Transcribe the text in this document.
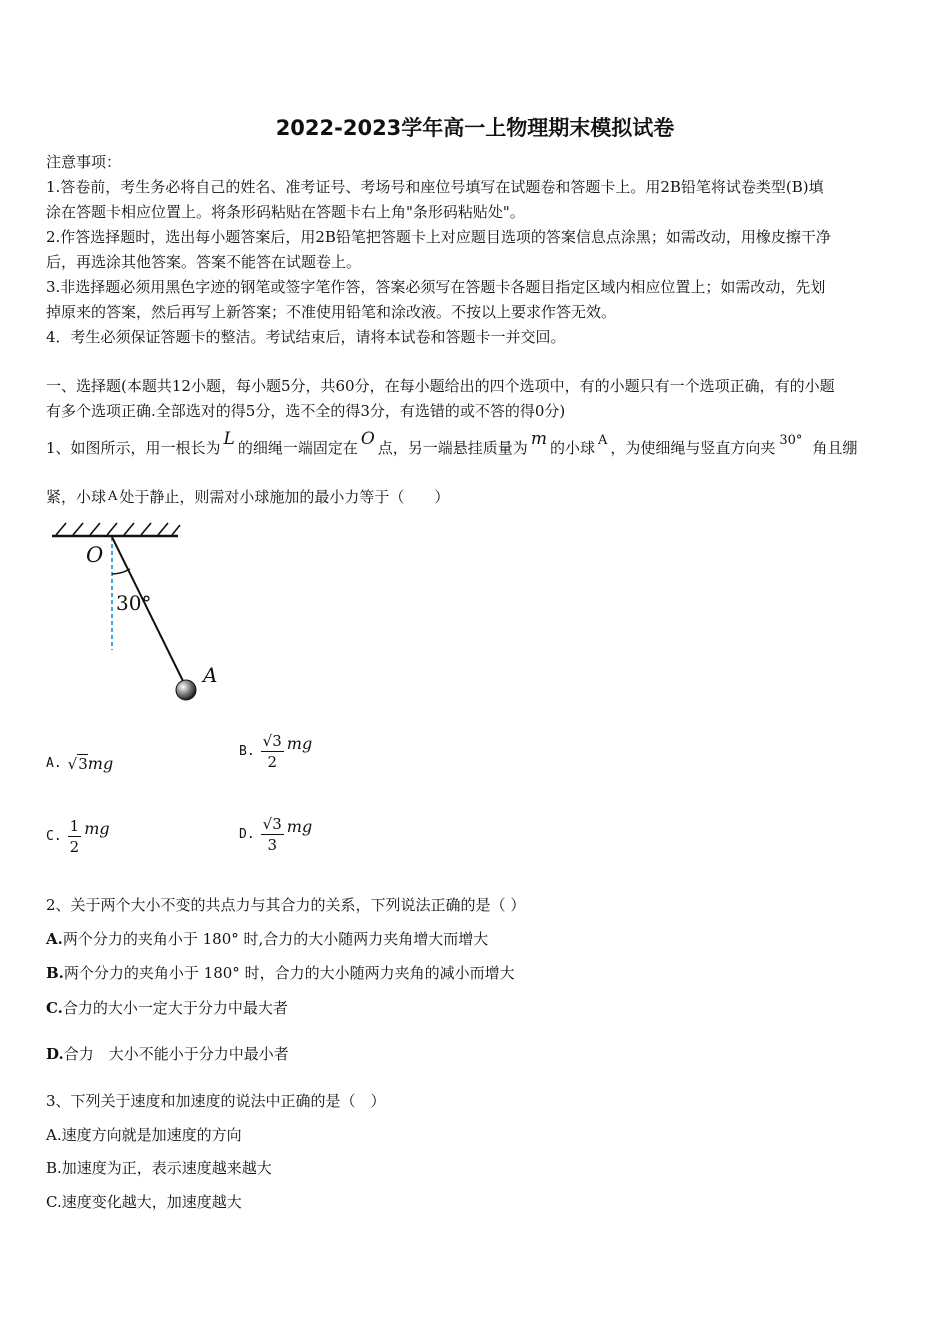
2022-2023学年高一上物理期末模拟试卷
注意事项：
1.答卷前，考生务必将自己的姓名、准考证号、考场号和座位号填写在试题卷和答题卡上。用2B铅笔将试卷类型(B)填
涂在答题卡相应位置上。将条形码粘贴在答题卡右上角"条形码粘贴处"。
2.作答选择题时，选出每小题答案后，用2B铅笔把答题卡上对应题目选项的答案信息点涂黑；如需改动，用橡皮擦干净
后，再选涂其他答案。答案不能答在试题卷上。
3.非选择题必须用黑色字迹的钢笔或签字笔作答，答案必须写在答题卡各题目指定区域内相应位置上；如需改动，先划
掉原来的答案，然后再写上新答案；不准使用铅笔和涂改液。不按以上要求作答无效。
4．考生必须保证答题卡的整洁。考试结束后，请将本试卷和答题卡一并交回。
一、选择题(本题共12小题，每小题5分，共60分，在每小题给出的四个选项中，有的小题只有一个选项正确，有的小题
有多个选项正确.全部选对的得5分，选不全的得3分，有选错的或不答的得0分)
1、如图所示，用一根长为 L 的细绳一端固定在 O 点，另一端悬挂质量为 m 的小球 A ，为使细绳与竖直方向夹 30° 角且绷
紧，小球 A 处于静止，则需对小球施加的最小力等于（　　）
O
30°
A
A. √3 mg
B. $\frac{√3}{2}$ mg
C. $\frac{1}{2}$ mg	D. $\frac{√3}{3}$ mg
2、关于两个大小不变的共点力与其合力的关系，下列说法正确的是（ ）
A.两个分力的夹角小于 180° 时,合力的大小随两力夹角增大而增大
B.两个分力的夹角小于 180° 时，合力的大小随两力夹角的减小而增大
C.合力的大小一定大于分力中最大者
D.合力　大小不能小于分力中最小者
3、下列关于速度和加速度的说法中正确的是（　）
A.速度方向就是加速度的方向
B.加速度为正，表示速度越来越大
C.速度变化越大，加速度越大
